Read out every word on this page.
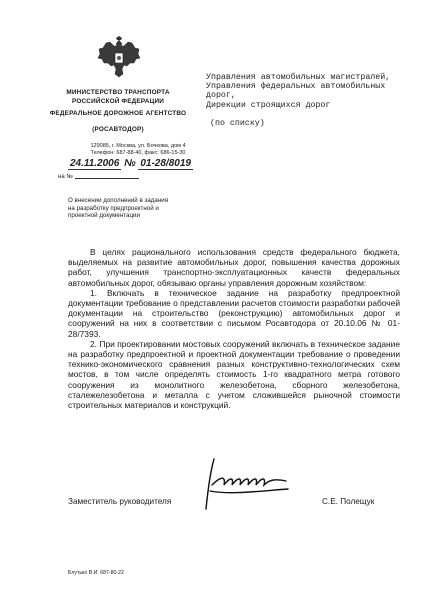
МИНИСТЕРСТВО ТРАНСПОРТА
РОССИЙСКОЙ ФЕДЕРАЦИИ
ФЕДЕРАЛЬНОЕ ДОРОЖНОЕ АГЕНТСТВО
(РОСАВТОДОР)
129085, г. Москва, ул. Бочкова, дом 4
Телефон: 687-88-40, факс: 686-15-30
24.11.2006 № 01-28/8019
на №
О внесении дополнений в задания
на разработку предпроектной и
проектной документации
Управления автомобильных магистралей,
Управления федеральных автомобильных
дорог,
Дирекции строящихся дорог
(по списку)

В целях рационального использования средств федерального бюджета, выделяемых на развитие автомобильных дорог, повышения качества дорожных работ, улучшения транспортно-эксплуатационных качеств федеральных автомобильных дорог, обязываю органы управления дорожным хозяйством:

1. Включать в техническое задание на разработку предпроектной документации требование о представлении расчетов стоимости разработки рабочей документации на строительство (реконструкцию) автомобильных дорог и сооружений на них в соответствии с письмом Росавтодора от 20.10.06 № 01-28/7393.

2. При проектировании мостовых сооружений включать в техническое задание на разработку предпроектной и проектной документации требование о проведении технико-экономического сравнения разных конструктивно-технологических схем мостов, в том числе определять стоимость 1-го квадратного метра готового сооружения из монолитного железобетона, сборного железобетона, сталежелезобетона и металла с учетом сложившейся рыночной стоимости строительных материалов и конструкций.

Заместитель руководителя	С.Е. Полещук
Блутько В.И. 687-80-22
